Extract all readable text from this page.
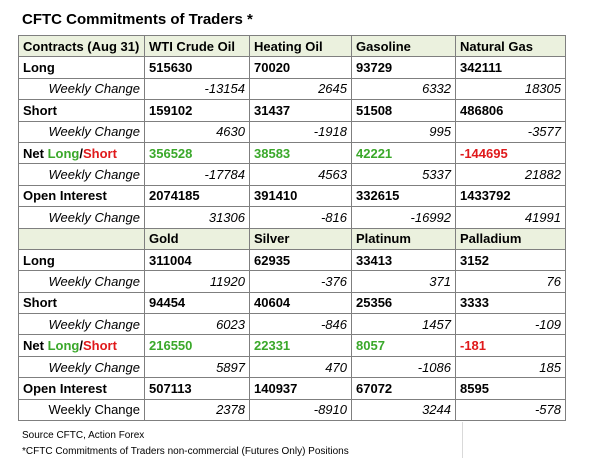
CFTC Commitments of Traders *
Contracts (Aug 31)	WTI Crude Oil	Heating Oil	Gasoline	Natural Gas
Long	515630	70020	93729	342111
Weekly Change	-13154	2645	6332	18305
Short	159102	31437	51508	486806
Weekly Change	4630	-1918	995	-3577
Net Long/Short	356528	38583	42221	-144695
Weekly Change	-17784	4563	5337	21882
Open Interest	2074185	391410	332615	1433792
Weekly Change	31306	-816	-16992	41991
	Gold	Silver	Platinum	Palladium
Long	311004	62935	33413	3152
Weekly Change	11920	-376	371	76
Short	94454	40604	25356	3333
Weekly Change	6023	-846	1457	-109
Net Long/Short	216550	22331	8057	-181
Weekly Change	5897	470	-1086	185
Open Interest	507113	140937	67072	8595
Weekly Change	2378	-8910	3244	-578
Source CFTC, Action Forex
*CFTC Commitments of Traders non-commercial (Futures Only) Positions
